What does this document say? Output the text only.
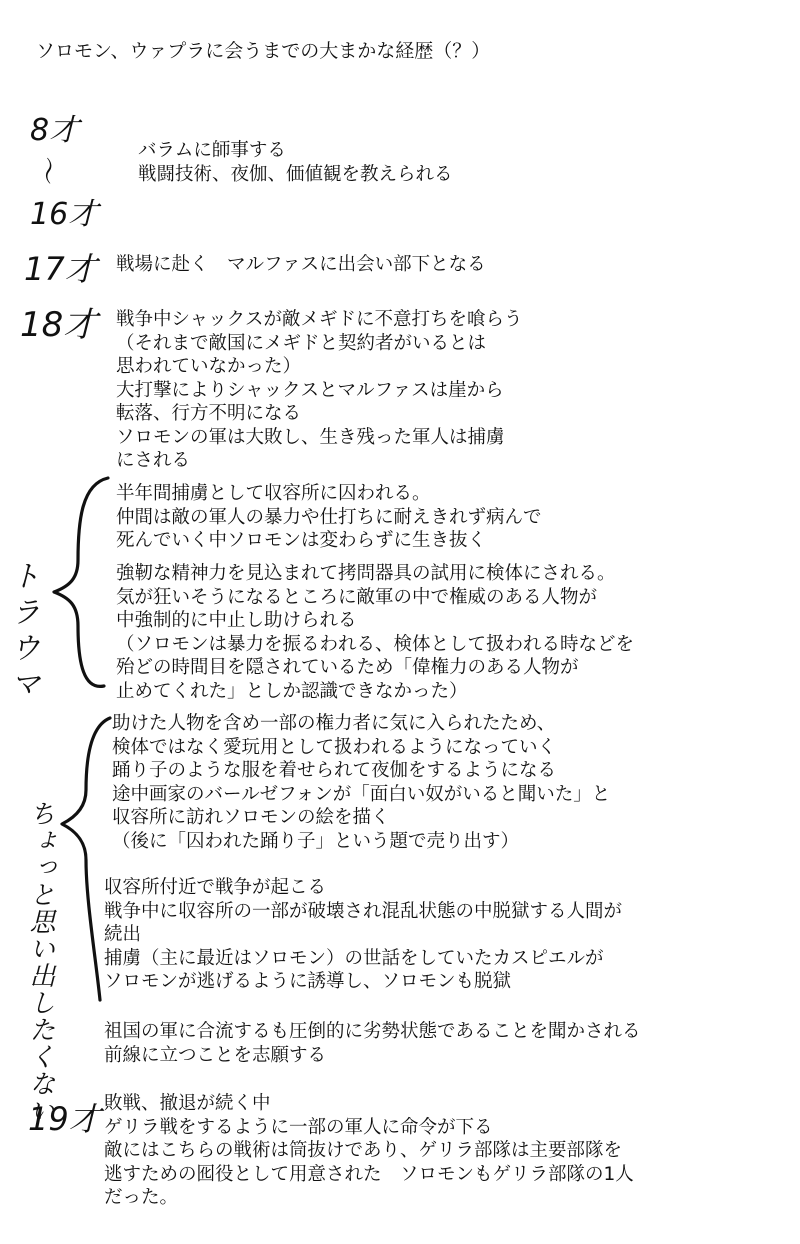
ソロモン、ウァプラに会うまでの大まかな経歴（？）
8才
〜
16才
17才
18才
トラウマ
ちょっと思い出したくない
19才
バラムに師事する
戦闘技術、夜伽、価値観を教えられる
戦場に赴く　マルファスに出会い部下となる
戦争中シャックスが敵メギドに不意打ちを喰らう
（それまで敵国にメギドと契約者がいるとは
思われていなかった）
大打撃によりシャックスとマルファスは崖から
転落、行方不明になる
ソロモンの軍は大敗し、生き残った軍人は捕虜
にされる
半年間捕虜として収容所に囚われる。
仲間は敵の軍人の暴力や仕打ちに耐えきれず病んで
死んでいく中ソロモンは変わらずに生き抜く
強靭な精神力を見込まれて拷問器具の試用に検体にされる。
気が狂いそうになるところに敵軍の中で権威のある人物が
中強制的に中止し助けられる
（ソロモンは暴力を振るわれる、検体として扱われる時などを
殆どの時間目を隠されているため「偉権力のある人物が
止めてくれた」としか認識できなかった）
助けた人物を含め一部の権力者に気に入られたため、
検体ではなく愛玩用として扱われるようになっていく
踊り子のような服を着せられて夜伽をするようになる
途中画家のバールゼフォンが「面白い奴がいると聞いた」と
収容所に訪れソロモンの絵を描く
（後に「囚われた踊り子」という題で売り出す）
収容所付近で戦争が起こる
戦争中に収容所の一部が破壊され混乱状態の中脱獄する人間が
続出
捕虜（主に最近はソロモン）の世話をしていたカスピエルが
ソロモンが逃げるように誘導し、ソロモンも脱獄
祖国の軍に合流するも圧倒的に劣勢状態であることを聞かされる
前線に立つことを志願する
敗戦、撤退が続く中
ゲリラ戦をするように一部の軍人に命令が下る
敵にはこちらの戦術は筒抜けであり、ゲリラ部隊は主要部隊を
逃すための囮役として用意された　ソロモンもゲリラ部隊の1人
だった。
